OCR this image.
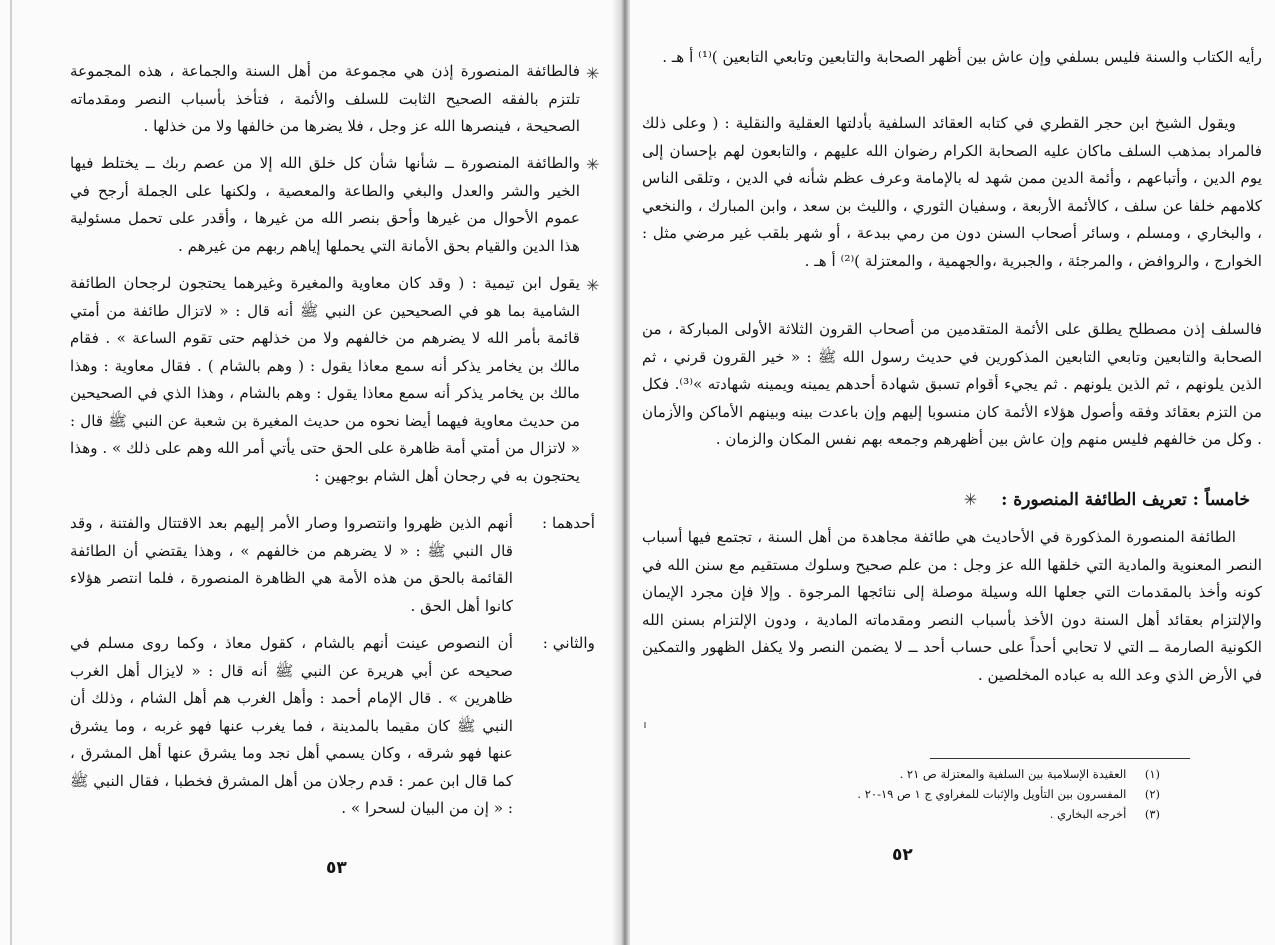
✳

فالطائفة المنصورة إذن هي مجموعة من أهل السنة والجماعة ، هذه المجموعة تلتزم بالفقه الصحيح الثابت للسلف والأئمة ، فتأخذ بأسباب النصر ومقدماته الصحيحة ، فينصرها الله عز وجل ، فلا يضرها من خالفها ولا من خذلها .

✳

والطائفة المنصورة ــ شأنها شأن كل خلق الله إلا من عصم ربك ــ يختلط فيها الخير والشر والعدل والبغي والطاعة والمعصية ، ولكنها على الجملة أرجح في عموم الأحوال من غيرها وأحق بنصر الله من غيرها ، وأقدر على تحمل مسئولية هذا الدين والقيام بحق الأمانة التي يحملها إياهم ربهم من غيرهم .

✳

يقول ابن تيمية : ( وقد كان معاوية والمغيرة وغيرهما يحتجون لرجحان الطائفة الشامية بما هو في الصحيحين عن النبي ﷺ أنه قال : « لاتزال طائفة من أمتي قائمة بأمر الله لا يضرهم من خالفهم ولا من خذلهم حتى تقوم الساعة » . فقام مالك بن يخامر يذكر أنه سمع معاذا يقول : ( وهم بالشام ) . فقال معاوية : وهذا مالك بن يخامر يذكر أنه سمع معاذا يقول : وهم بالشام ، وهذا الذي في الصحيحين من حديث معاوية فيهما أيضا نحوه من حديث المغيرة بن شعبة عن النبي ﷺ قال : « لاتزال من أمتي أمة ظاهرة على الحق حتى يأتي أمر الله وهم على ذلك » . وهذا يحتجون به في رجحان أهل الشام بوجهين :

أحدهما :

أنهم الذين ظهروا وانتصروا وصار الأمر إليهم بعد الاقتتال والفتنة ، وقد قال النبي ﷺ : « لا يضرهم من خالفهم » ، وهذا يقتضي أن الطائفة القائمة بالحق من هذه الأمة هي الظاهرة المنصورة ، فلما انتصر هؤلاء كانوا أهل الحق .

والثاني :

أن النصوص عينت أنهم بالشام ، كقول معاذ ، وكما روى مسلم في صحيحه عن أبي هريرة عن النبي ﷺ أنه قال : « لايزال أهل الغرب ظاهرين » . قال الإمام أحمد : وأهل الغرب هم أهل الشام ، وذلك أن النبي ﷺ كان مقيما بالمدينة ، فما يغرب عنها فهو غربه ، وما يشرق عنها فهو شرقه ، وكان يسمي أهل نجد وما يشرق عنها أهل المشرق ، كما قال ابن عمر : قدم رجلان من أهل المشرق فخطبا ، فقال النبي ﷺ : « إن من البيان لسحرا » .

٥٣

رأيه الكتاب والسنة فليس بسلفي وإن عاش بين أظهر الصحابة والتابعين وتابعي التابعين )⁽¹⁾ أ هـ .

ويقول الشيخ ابن حجر القطري في كتابه العقائد السلفية بأدلتها العقلية والنقلية : ( وعلى ذلك فالمراد بمذهب السلف ماكان عليه الصحابة الكرام رضوان الله عليهم ، والتابعون لهم بإحسان إلى يوم الدين ، وأتباعهم ، وأئمة الدين ممن شهد له بالإمامة وعرف عظم شأنه في الدين ، وتلقى الناس كلامهم خلفا عن سلف ، كالأئمة الأربعة ، وسفيان الثوري ، والليث بن سعد ، وابن المبارك ، والنخعي ، والبخاري ، ومسلم ، وسائر أصحاب السنن دون من رمي ببدعة ، أو شهر بلقب غير مرضي مثل : الخوارج ، والروافض ، والمرجئة ، والجبرية ،والجهمية ، والمعتزلة )⁽²⁾ أ هـ .

فالسلف إذن مصطلح يطلق على الأئمة المتقدمين من أصحاب القرون الثلاثة الأولى المباركة ، من الصحابة والتابعين وتابعي التابعين المذكورين في حديث رسول الله ﷺ : « خير القرون قرني ، ثم الذين يلونهم ، ثم الذين يلونهم . ثم يجيء أقوام تسبق شهادة أحدهم يمينه ويمينه شهادته »⁽³⁾. فكل من التزم بعقائد وفقه وأصول هؤلاء الأئمة كان منسوبا إليهم وإن باعدت بينه وبينهم الأماكن والأزمان . وكل من خالفهم فليس منهم وإن عاش بين أظهرهم وجمعه بهم نفس المكان والزمان .

خامساً : تعريف الطائفة المنصورة : ✳

الطائفة المنصورة المذكورة في الأحاديث هي طائفة مجاهدة من أهل السنة ، تجتمع فيها أسباب النصر المعنوية والمادية التي خلقها الله عز وجل : من علم صحيح وسلوك مستقيم مع سنن الله في كونه وأخذ بالمقدمات التي جعلها الله وسيلة موصلة إلى نتائجها المرجوة . وإلا فإن مجرد الإيمان والإلتزام بعقائد أهل السنة دون الأخذ بأسباب النصر ومقدماته المادية ، ودون الإلتزام بسنن الله الكونية الصارمة ــ التي لا تحابي أحداً على حساب أحد ــ لا يضمن النصر ولا يكفل الظهور والتمكين في الأرض الذي وعد الله به عباده المخلصين .

(١) العقيدة الإسلامية بين السلفية والمعتزلة ص ٢١ .
(٢) المفسرون بين التأويل والإثبات للمغراوي ج ١ ص ١٩-٢٠ .
(٣) أخرجه البخاري .
٥٢
